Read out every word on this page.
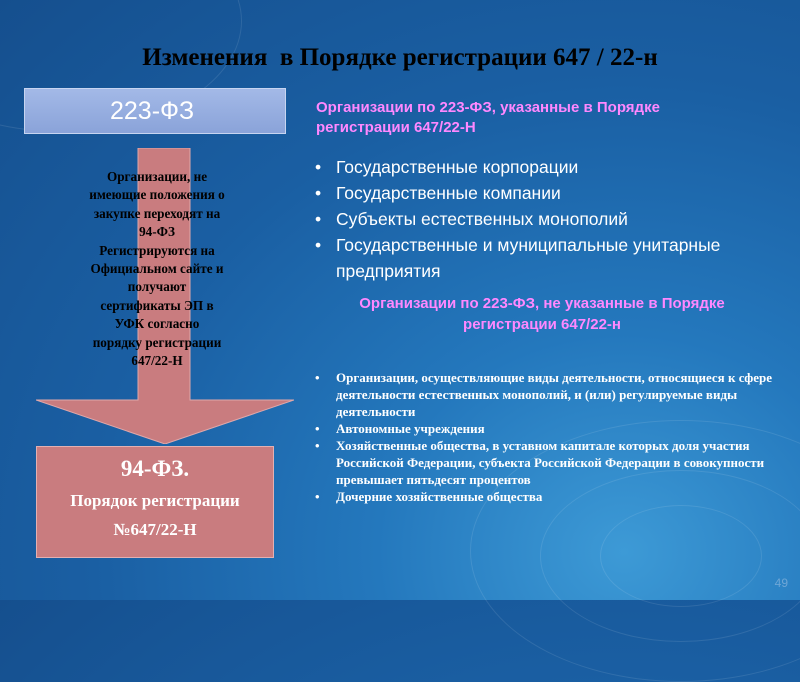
Изменения  в Порядке регистрации 647 / 22-н
223-ФЗ
Организации, не
имеющие положения о
закупке переходят на
94-ФЗ
Регистрируются на
Официальном сайте и
получают
сертификаты ЭП в
УФК согласно
порядку регистрации
647/22-Н
94-ФЗ.
Порядок регистрации
№647/22-Н
Организации по 223-ФЗ, указанные в Порядке
регистрации 647/22-Н
• Государственные корпорации
• Государственные компании
• Субъекты естественных монополий
• Государственные и муниципальные унитарные предприятия
Организации по 223-ФЗ, не указанные в Порядке
регистрации 647/22-н
• Организации, осуществляющие виды деятельности, относящиеся к сфере деятельности естественных монополий, и (или) регулируемые виды деятельности
• Автономные учреждения
• Хозяйственные общества, в уставном капитале которых доля участия Российской Федерации, субъекта Российской Федерации в совокупности превышает пятьдесят процентов
• Дочерние хозяйственные общества
49
